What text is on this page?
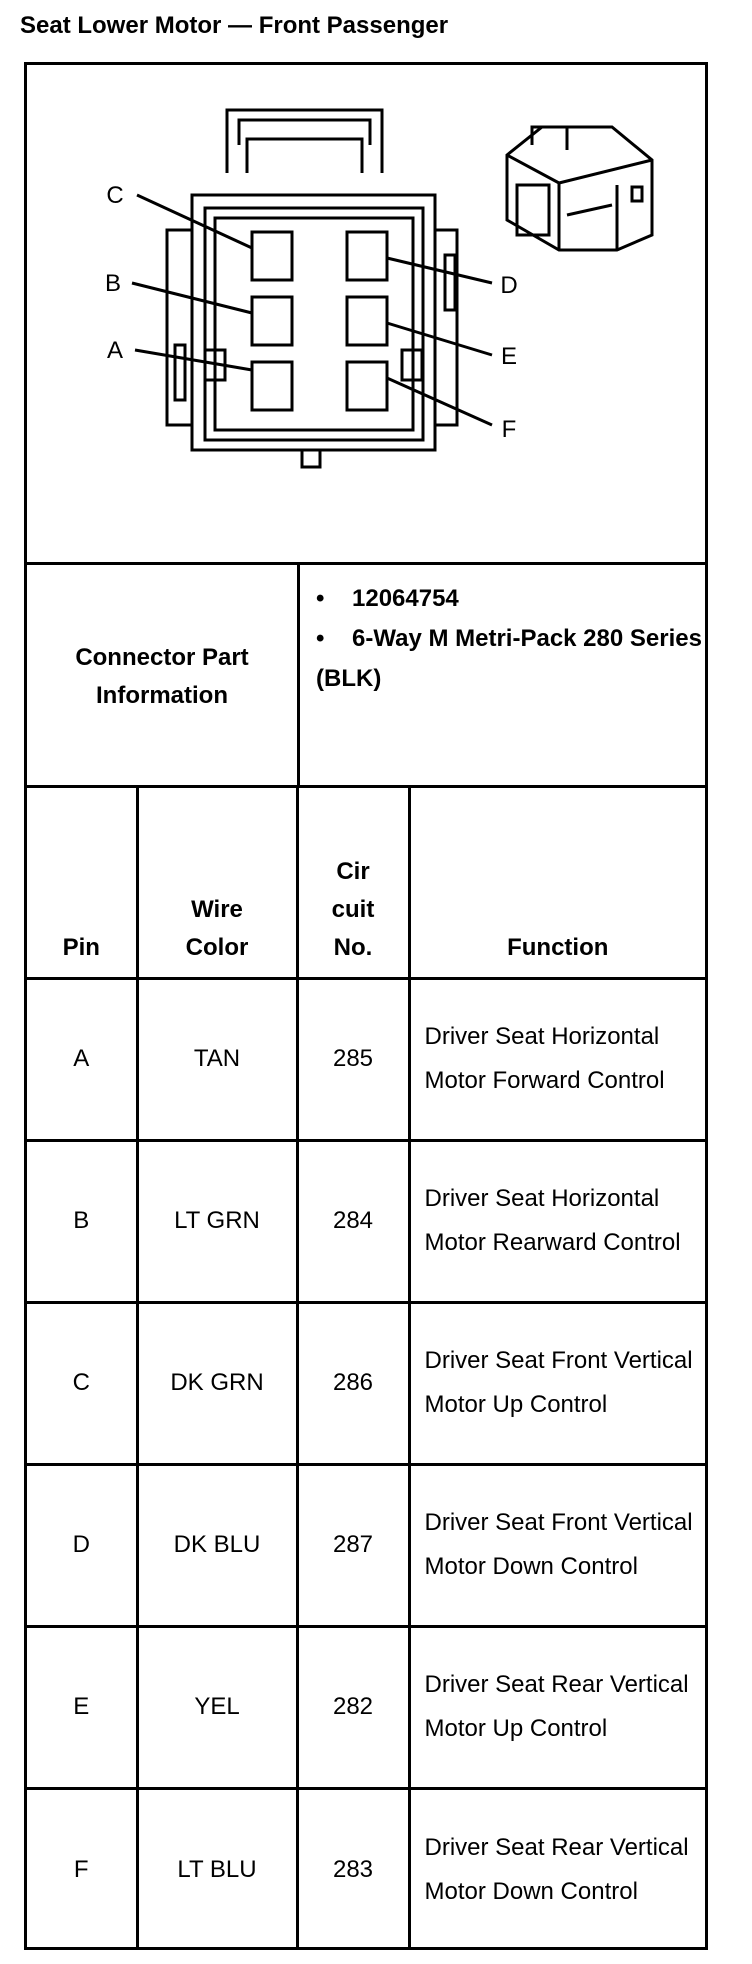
Seat Lower Motor — Front Passenger
C
B
A
D
E
F
Connector Part Information
• 12064754
• 6-Way M Metri-Pack 280 Series (BLK)
Pin	Wire Color	Cir cuit No.	Function
A	TAN	285	Driver Seat Horizontal Motor Forward Control
B	LT GRN	284	Driver Seat Horizontal Motor Rearward Control
C	DK GRN	286	Driver Seat Front Vertical Motor Up Control
D	DK BLU	287	Driver Seat Front Vertical Motor Down Control
E	YEL	282	Driver Seat Rear Vertical Motor Up Control
F	LT BLU	283	Driver Seat Rear Vertical Motor Down Control
